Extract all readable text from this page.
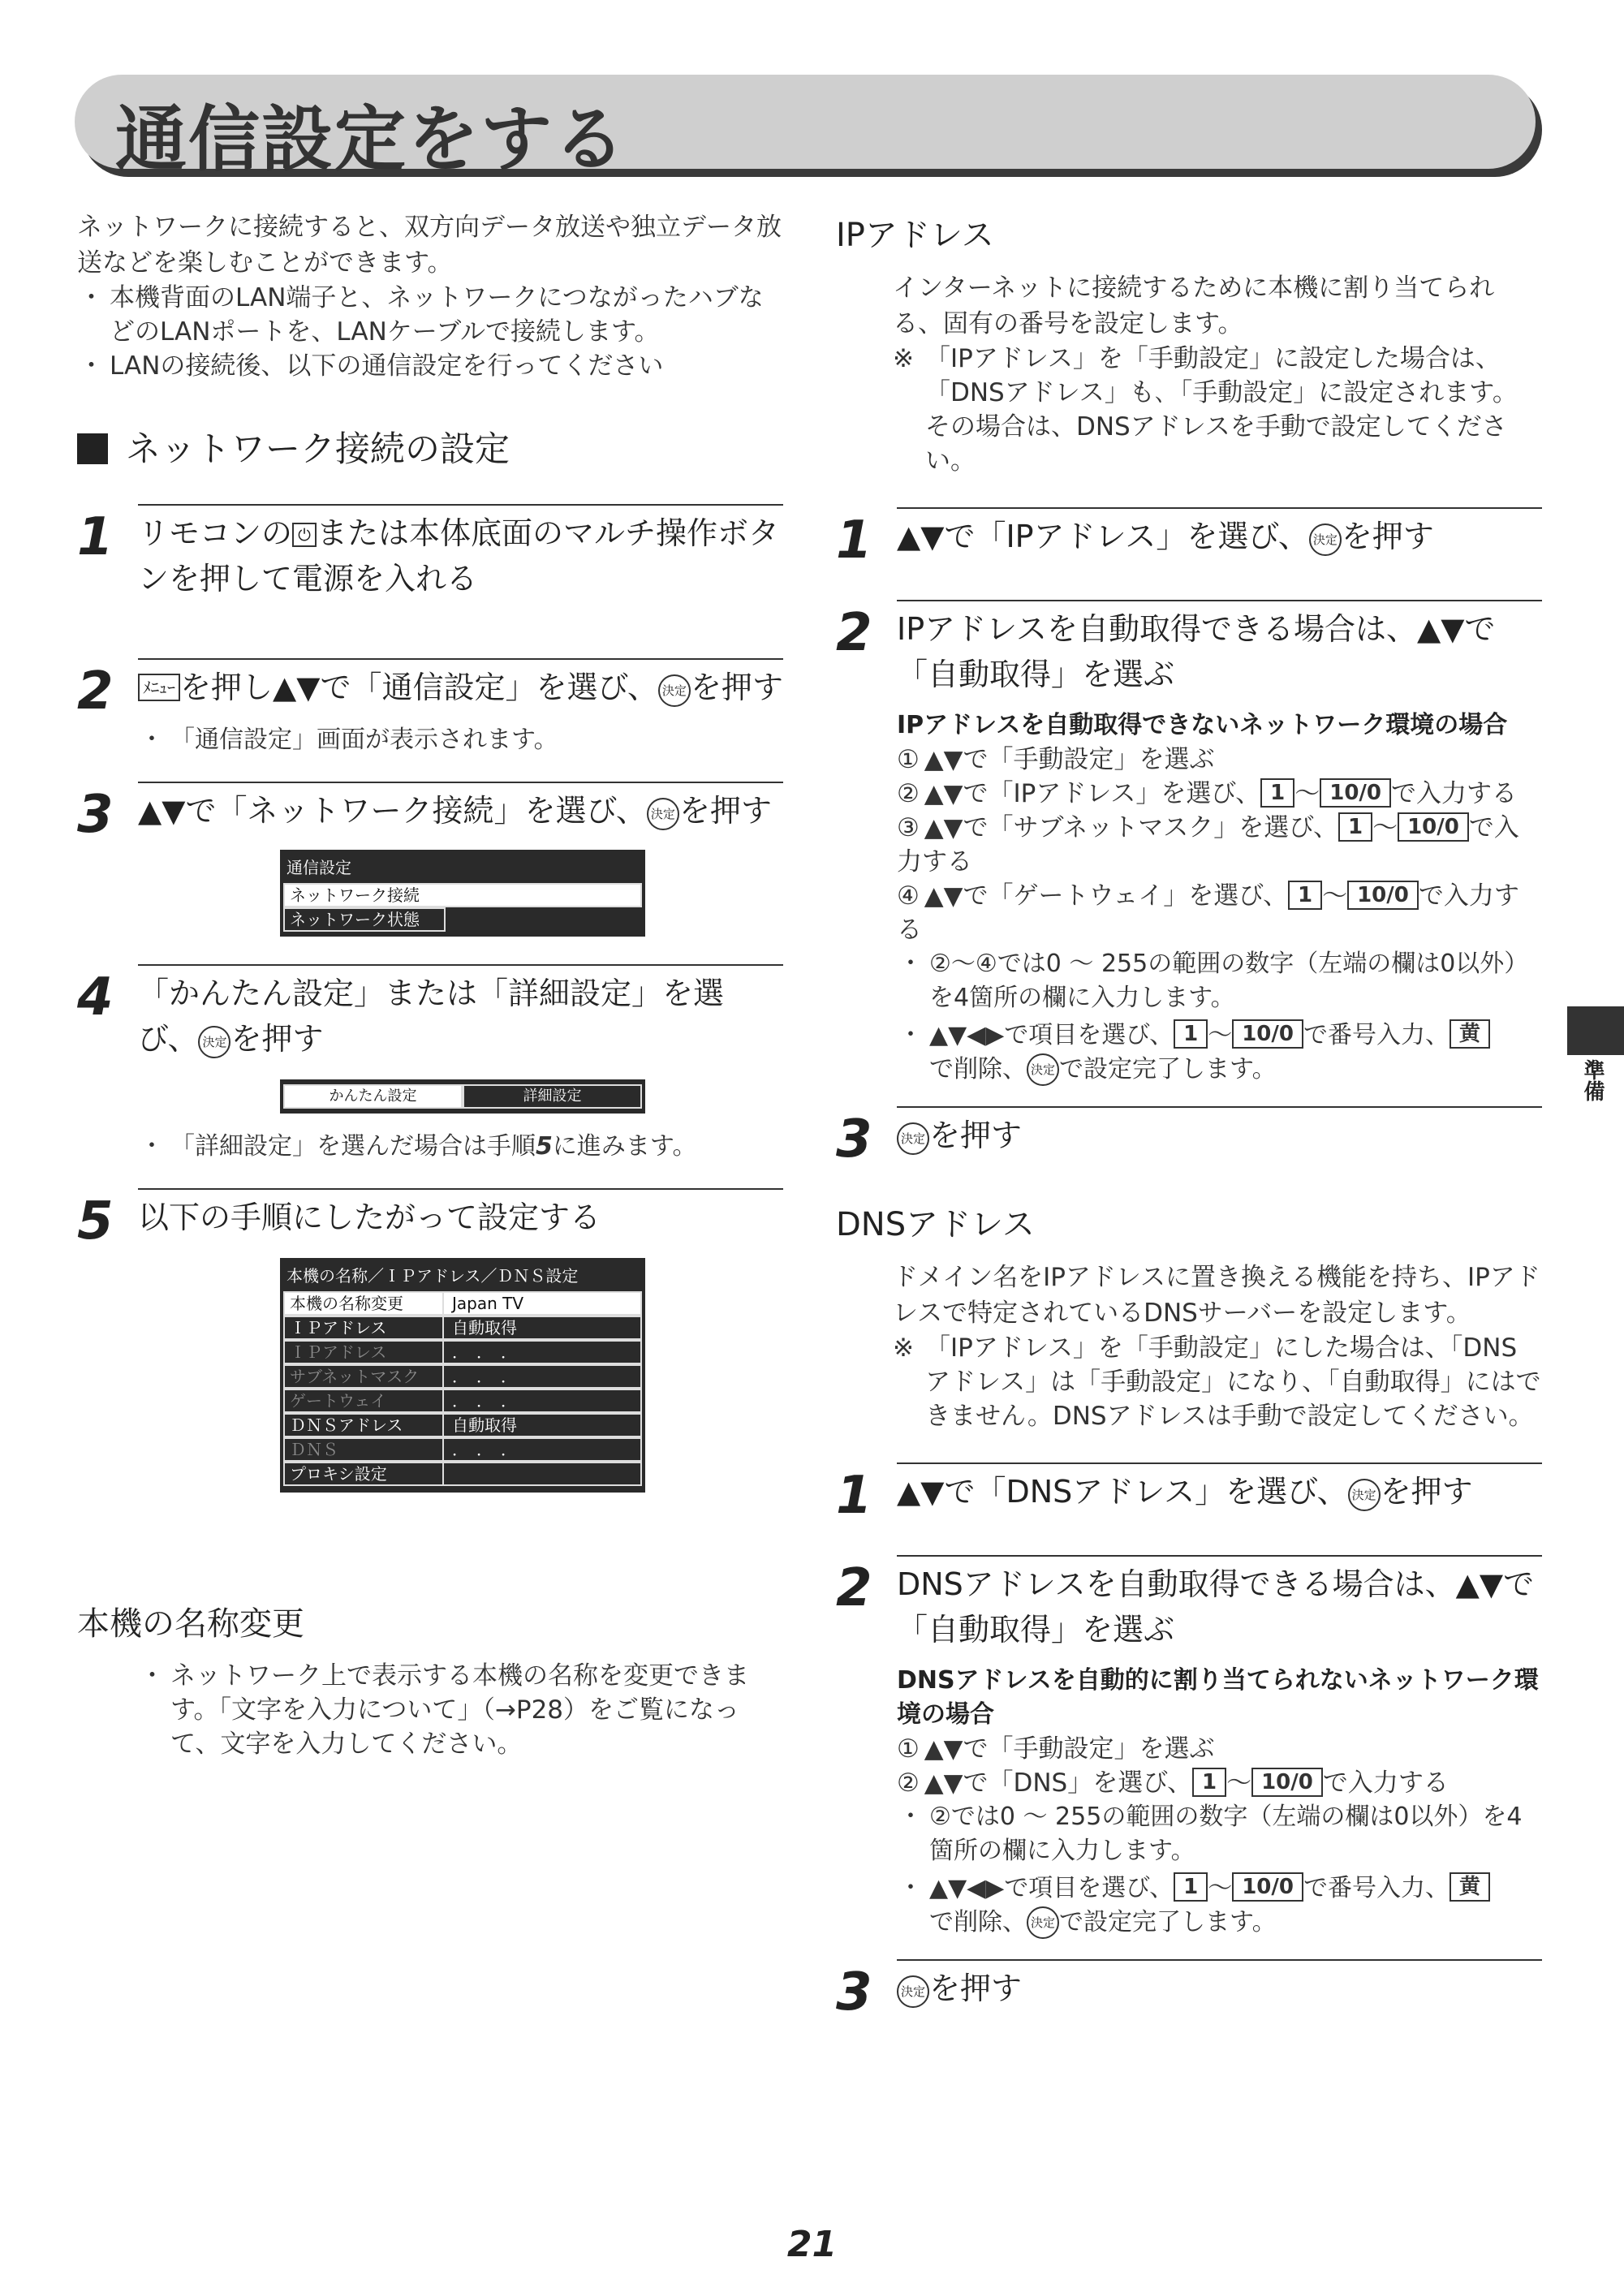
通信設定をする

ネットワークに接続すると、双方向データ放送や独立データ放送などを楽しむことができます。

・ 本機背面のLAN端子と、ネットワークにつながったハブなどのLANポートを、LANケーブルで接続します。
・ LANの接続後、以下の通信設定を行ってください
ネットワーク接続の設定
1 リモコンの ⏻ または本体底面のマルチ操作ボタンを押して電源を入れる
2	ﾒﾆｭｰ を押し▲▼で「通信設定」を選び、 決定 を押す
・ 「通信設定」画面が表示されます。
3 ▲▼で「ネットワーク接続」を選び、 決定 を押す
通信設定
ネットワーク接続
ネットワーク状態
4 「かんたん設定」または「詳細設定」を選び、 決定 を押す
かんたん設定	詳細設定
・ 「詳細設定」を選んだ場合は手順5に進みます。
5 以下の手順にしたがって設定する
本機の名称／ＩＰアドレス／ＤＮＳ設定
本機の名称変更	Japan TV
ＩＰアドレス	自動取得
ＩＰアドレス	．　．　．
サブネットマスク	．　．　．
ゲートウェイ	．　．　．
ＤＮＳアドレス	自動取得
ＤＮＳ	．　．　．
プロキシ設定
本機の名称変更
・ ネットワーク上で表示する本機の名称を変更できます。「文字を入力について」（→P28）をご覧になって、文字を入力してください。
IPアドレス

インターネットに接続するために本機に割り当てられる、固有の番号を設定します。

※ 「IPアドレス」を「手動設定」に設定した場合は、「DNSアドレス」も､「手動設定」に設定されます。その場合は、DNSアドレスを手動で設定してください。
1 ▲▼で「IPアドレス」を選び、 決定 を押す
2 IPアドレスを自動取得できる場合は、▲▼で「自動取得」を選ぶ
IPアドレスを自動取得できないネットワーク環境の場合
① ▲▼で「手動設定」を選ぶ
② ▲▼で「IPアドレス」を選び、 1 ～ 10/0 で入力する
③ ▲▼で「サブネットマスク」を選び、 1 ～ 10/0 で入力する
④ ▲▼で「ゲートウェイ」を選び、 1 ～ 10/0 で入力する
・ ②～④では0 ～ 255の範囲の数字（左端の欄は0以外）を4箇所の欄に入力します。
・ ▲▼◀▶で項目を選び、 1 ～ 10/0 で番号入力、 黄
で削除、 決定 で設定完了します。
3	決定 を押す
DNSアドレス

ドメイン名をIPアドレスに置き換える機能を持ち、IPアドレスで特定されているDNSサーバーを設定します。

※ 「IPアドレス」を「手動設定」にした場合は、「DNSアドレス」は「手動設定」になり、「自動取得」にはできません。DNSアドレスは手動で設定してください。
1 ▲▼で「DNSアドレス」を選び、 決定 を押す
2 DNSアドレスを自動取得できる場合は、▲▼で「自動取得」を選ぶ
DNSアドレスを自動的に割り当てられないネットワーク環境の場合
① ▲▼で「手動設定」を選ぶ
② ▲▼で「DNS」を選び、 1 ～ 10/0 で入力する
・ ②では0 ～ 255の範囲の数字（左端の欄は0以外）を4箇所の欄に入力します。
・ ▲▼◀▶で項目を選び、 1 ～ 10/0 で番号入力、 黄
で削除、 決定 で設定完了します。
3	決定 を押す
準備
21
